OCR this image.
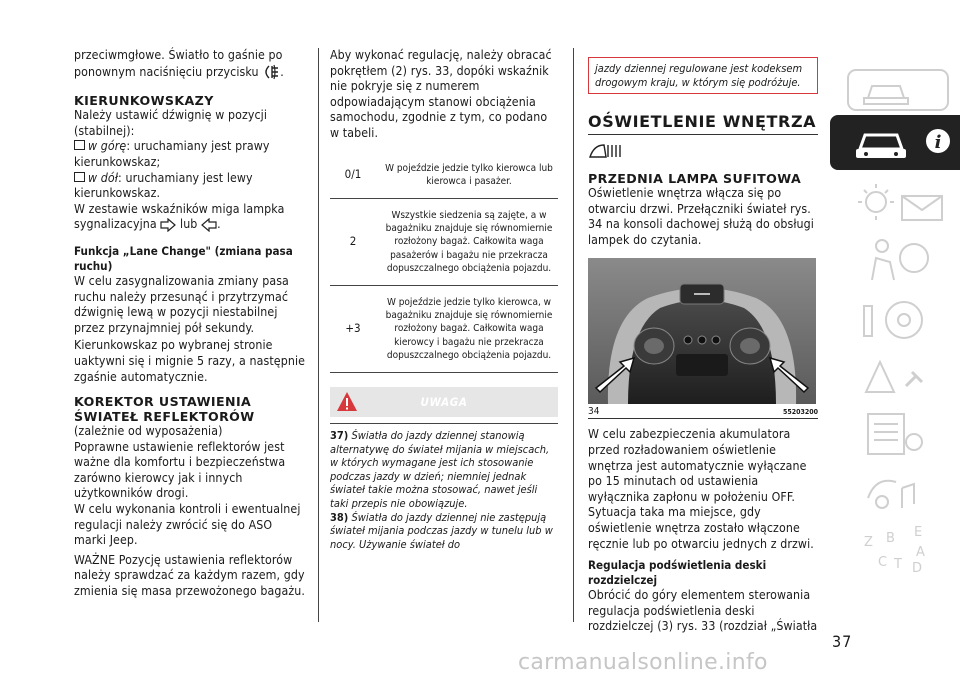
przeciwmgłowe. Światło to gaśnie po

ponownym naciśnięciu przycisku .

KIERUNKOWSKAZY

Należy ustawić dźwignię w pozycji (stabilnej):

w górę: uruchamiany jest prawy kierunkowskaz;

w dół: uruchamiany jest lewy kierunkowskaz.

W zestawie wskaźników miga lampka sygnalizacyjna lub .

Funkcja „Lane Change" (zmiana pasa ruchu)

W celu zasygnalizowania zmiany pasa ruchu należy przesunąć i przytrzymać dźwignię lewą w pozycji niestabilnej przez przynajmniej pół sekundy.

Kierunkowskaz po wybranej stronie uaktywni się i mignie 5 razy, a następnie zgaśnie automatycznie.

KOREKTOR USTAWIENIA
ŚWIATEŁ REFLEKTORÓW

(zależnie od wyposażenia)

Poprawne ustawienie reflektorów jest ważne dla komfortu i bezpieczeństwa zarówno kierowcy jak i innych użytkowników drogi.

W celu wykonania kontroli i ewentualnej regulacji należy zwrócić się do ASO marki Jeep.

WAŻNE Pozycję ustawienia reflektorów należy sprawdzać za każdym razem, gdy zmienia się masa przewożonego bagażu.

Aby wykonać regulację, należy obracać pokrętłem (2) rys. 33, dopóki wskaźnik nie pokryje się z numerem odpowiadającym stanowi obciążenia samochodu, zgodnie z tym, co podano w tabeli.

0/1	W pojeździe jedzie tylko kierowca lub kierowca i pasażer.
2	Wszystkie siedzenia są zajęte, a w bagażniku znajduje się równomiernie rozłożony bagaż. Całkowita waga pasażerów i bagażu nie przekracza dopuszczalnego obciążenia pojazdu.
+3	W pojeździe jedzie tylko kierowca, w bagażniku znajduje się równomiernie rozłożony bagaż. Całkowita waga kierowcy i bagażu nie przekracza dopuszczalnego obciążenia pojazdu.
UWAGA
37) Światła do jazdy dziennej stanowią alternatywę do świateł mijania w miejscach, w których wymagane jest ich stosowanie podczas jazdy w dzień; niemniej jednak świateł takie można stosować, nawet jeśli taki przepis nie obowiązuje.
38) Światła do jazdy dziennej nie zastępują świateł mijania podczas jazdy w tunelu lub w nocy. Używanie świateł do
jazdy dziennej regulowane jest kodeksem drogowym kraju, w którym się podróżuje.
OŚWIETLENIE WNĘTRZA
PRZEDNIA LAMPA SUFITOWA

Oświetlenie wnętrza włącza się po otwarciu drzwi. Przełączniki świateł rys. 34 na konsoli dachowej służą do obsługi lampek do czytania.

34	55203200

W celu zabezpieczenia akumulatora przed rozładowaniem oświetlenie wnętrza jest automatycznie wyłączane po 15 minutach od ustawienia wyłącznika zapłonu w położeniu OFF. Sytuacja taka ma miejsce, gdy oświetlenie wnętrza zostało włączone ręcznie lub po otwarciu jednych z drzwi.

Regulacja podświetlenia deski rozdzielczej

Obrócić do góry elementem sterowania regulacja podświetlenia deski rozdzielczej (3) rys. 33 (rozdział „Światła

i
Z B E
A
C T D
37
carmanualsonline.info
